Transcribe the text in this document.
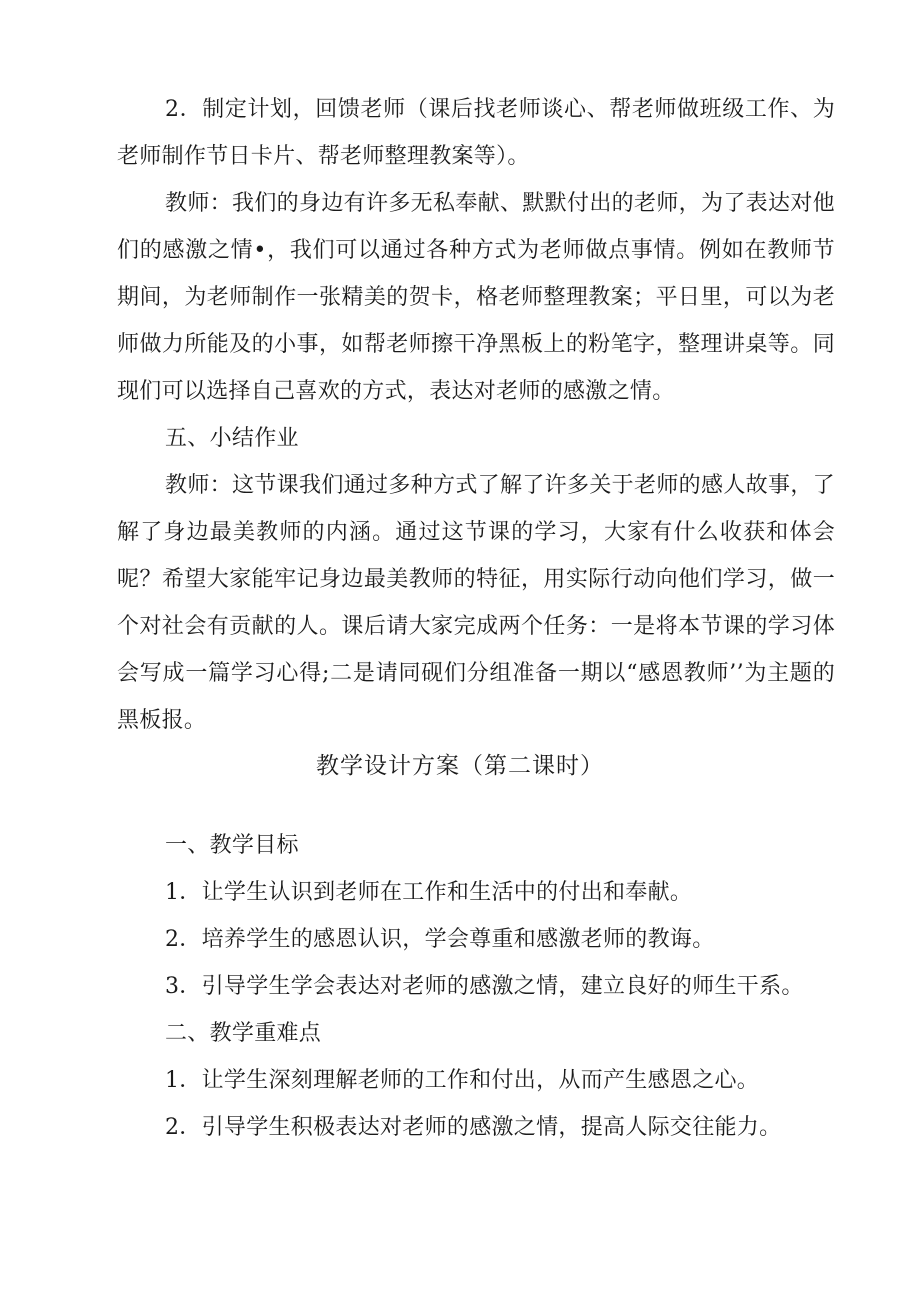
2．制定计划，回馈老师（课后找老师谈心、帮老师做班级工作、为老师制作节日卡片、帮老师整理教案等）。

教师：我们的身边有许多无私奉献、默默付出的老师，为了表达对他们的感激之情•，我们可以通过各种方式为老师做点事情。例如在教师节期间，为老师制作一张精美的贺卡，格老师整理教案；平日里，可以为老师做力所能及的小事，如帮老师擦干净黑板上的粉笔字，整理讲桌等。同现们可以选择自己喜欢的方式，表达对老师的感激之情。

五、小结作业

教师：这节课我们通过多种方式了解了许多关于老师的感人故事，了解了身边最美教师的内涵。通过这节课的学习，大家有什么收获和体会呢？希望大家能牢记身边最美教师的特征，用实际行动向他们学习，做一个对社会有贡献的人。课后请大家完成两个任务：一是将本节课的学习体会写成一篇学习心得;二是请同砚们分组准备一期以“感恩教师’’为主题的黑板报。

教学设计方案（第二课时）

一、教学目标

1．让学生认识到老师在工作和生活中的付出和奉献。

2．培养学生的感恩认识，学会尊重和感激老师的教诲。

3．引导学生学会表达对老师的感激之情，建立良好的师生干系。

二、教学重难点

1．让学生深刻理解老师的工作和付出，从而产生感恩之心。

2．引导学生积极表达对老师的感激之情，提高人际交往能力。
